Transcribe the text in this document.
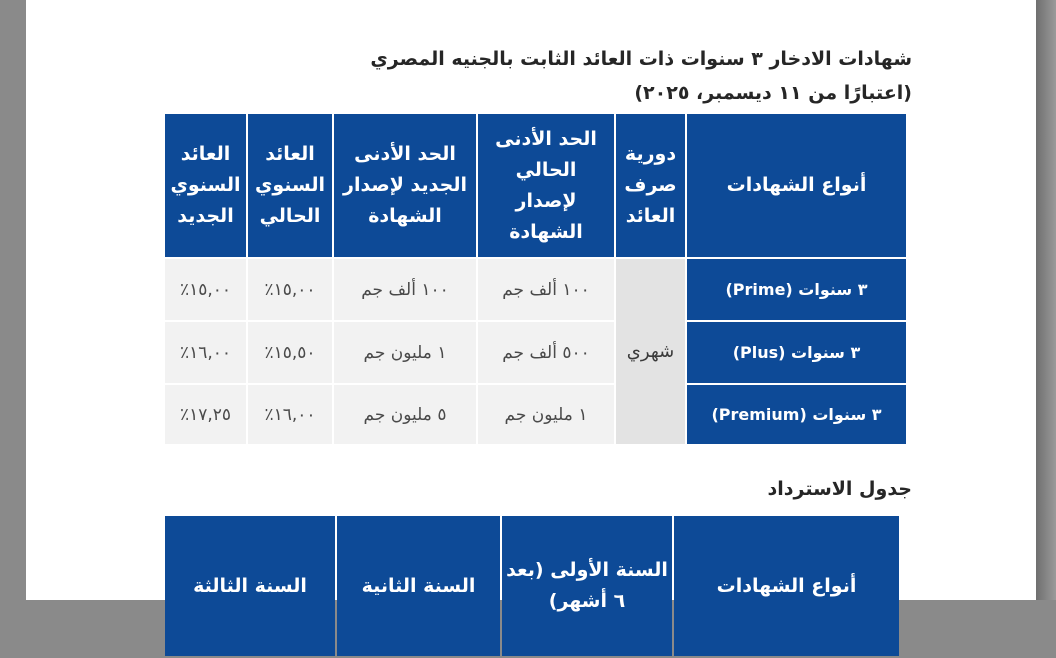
شهادات الادخار ٣ سنوات ذات العائد الثابت بالجنيه المصري
(اعتبارًا من ١١ ديسمبر، ٢٠٢٥)
أنواع الشهادات	دورية صرف العائد	الحد الأدنى الحالي لإصدار الشهادة	الحد الأدنى الجديد لإصدار الشهادة	العائد السنوي الحالي	العائد السنوي الجديد
٣ سنوات (Prime)	شهري	١٠٠ ألف جم	١٠٠ ألف جم	١٥,٠٠٪	١٥,٠٠٪
٣ سنوات (Plus)		٥٠٠ ألف جم	١ مليون جم	١٥,٥٠٪	١٦,٠٠٪
٣ سنوات (Premium)		١ مليون جم	٥ مليون جم	١٦,٠٠٪	١٧,٢٥٪
جدول الاسترداد
أنواع الشهادات	السنة الأولى (بعد ٦ أشهر)	السنة الثانية	السنة الثالثة
